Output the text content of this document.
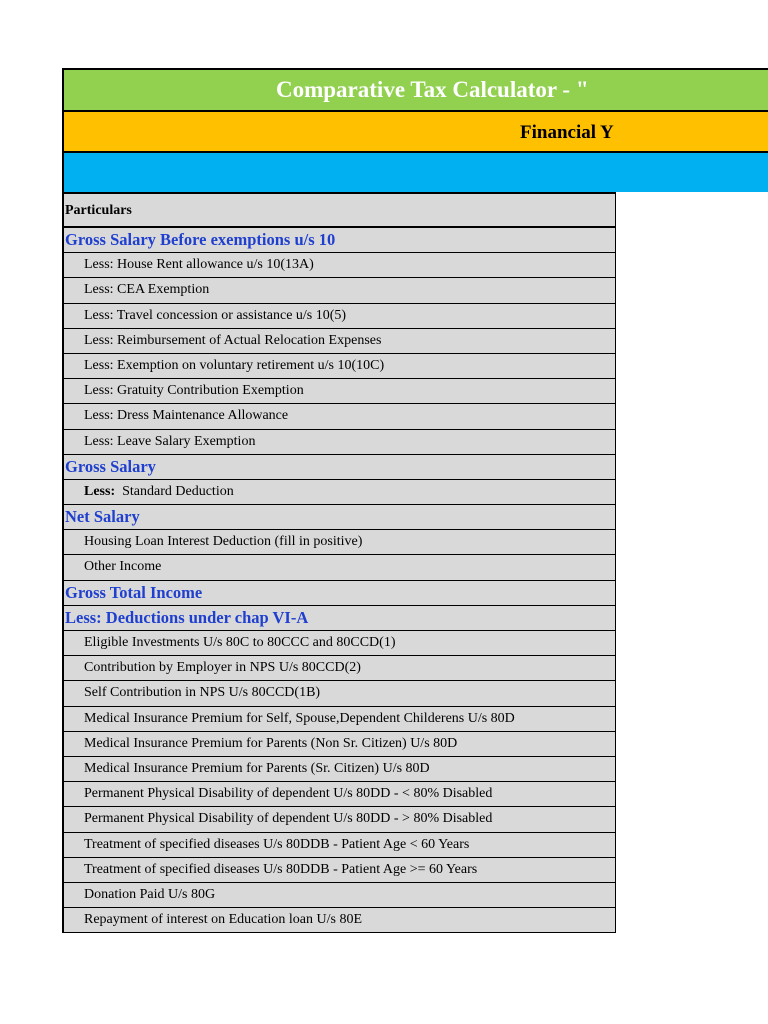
Comparative Tax Calculator - "
Financial Y
Particulars
Gross Salary Before exemptions u/s 10
Less: House Rent allowance u/s 10(13A)
Less: CEA Exemption
Less: Travel concession or assistance u/s 10(5)
Less: Reimbursement of Actual Relocation Expenses
Less: Exemption on voluntary retirement u/s 10(10C)
Less: Gratuity Contribution Exemption
Less: Dress Maintenance Allowance
Less: Leave Salary Exemption
Gross Salary
Less:  Standard Deduction
Net Salary
Housing Loan Interest Deduction (fill in positive)
Other Income
Gross Total Income
Less: Deductions under chap VI-A
Eligible Investments U/s 80C to 80CCC and 80CCD(1)
Contribution by Employer in NPS U/s 80CCD(2)
Self Contribution in NPS U/s 80CCD(1B)
Medical Insurance Premium for Self, Spouse,Dependent Childerens U/s 80D
Medical Insurance Premium for Parents (Non Sr. Citizen) U/s 80D
Medical Insurance Premium for Parents (Sr. Citizen) U/s 80D
Permanent Physical Disability of dependent U/s 80DD - < 80% Disabled
Permanent Physical Disability of dependent U/s 80DD - > 80% Disabled
Treatment of specified diseases U/s 80DDB - Patient Age < 60 Years
Treatment of specified diseases U/s 80DDB - Patient Age >= 60 Years
Donation Paid U/s 80G
Repayment of interest on Education loan U/s 80E
